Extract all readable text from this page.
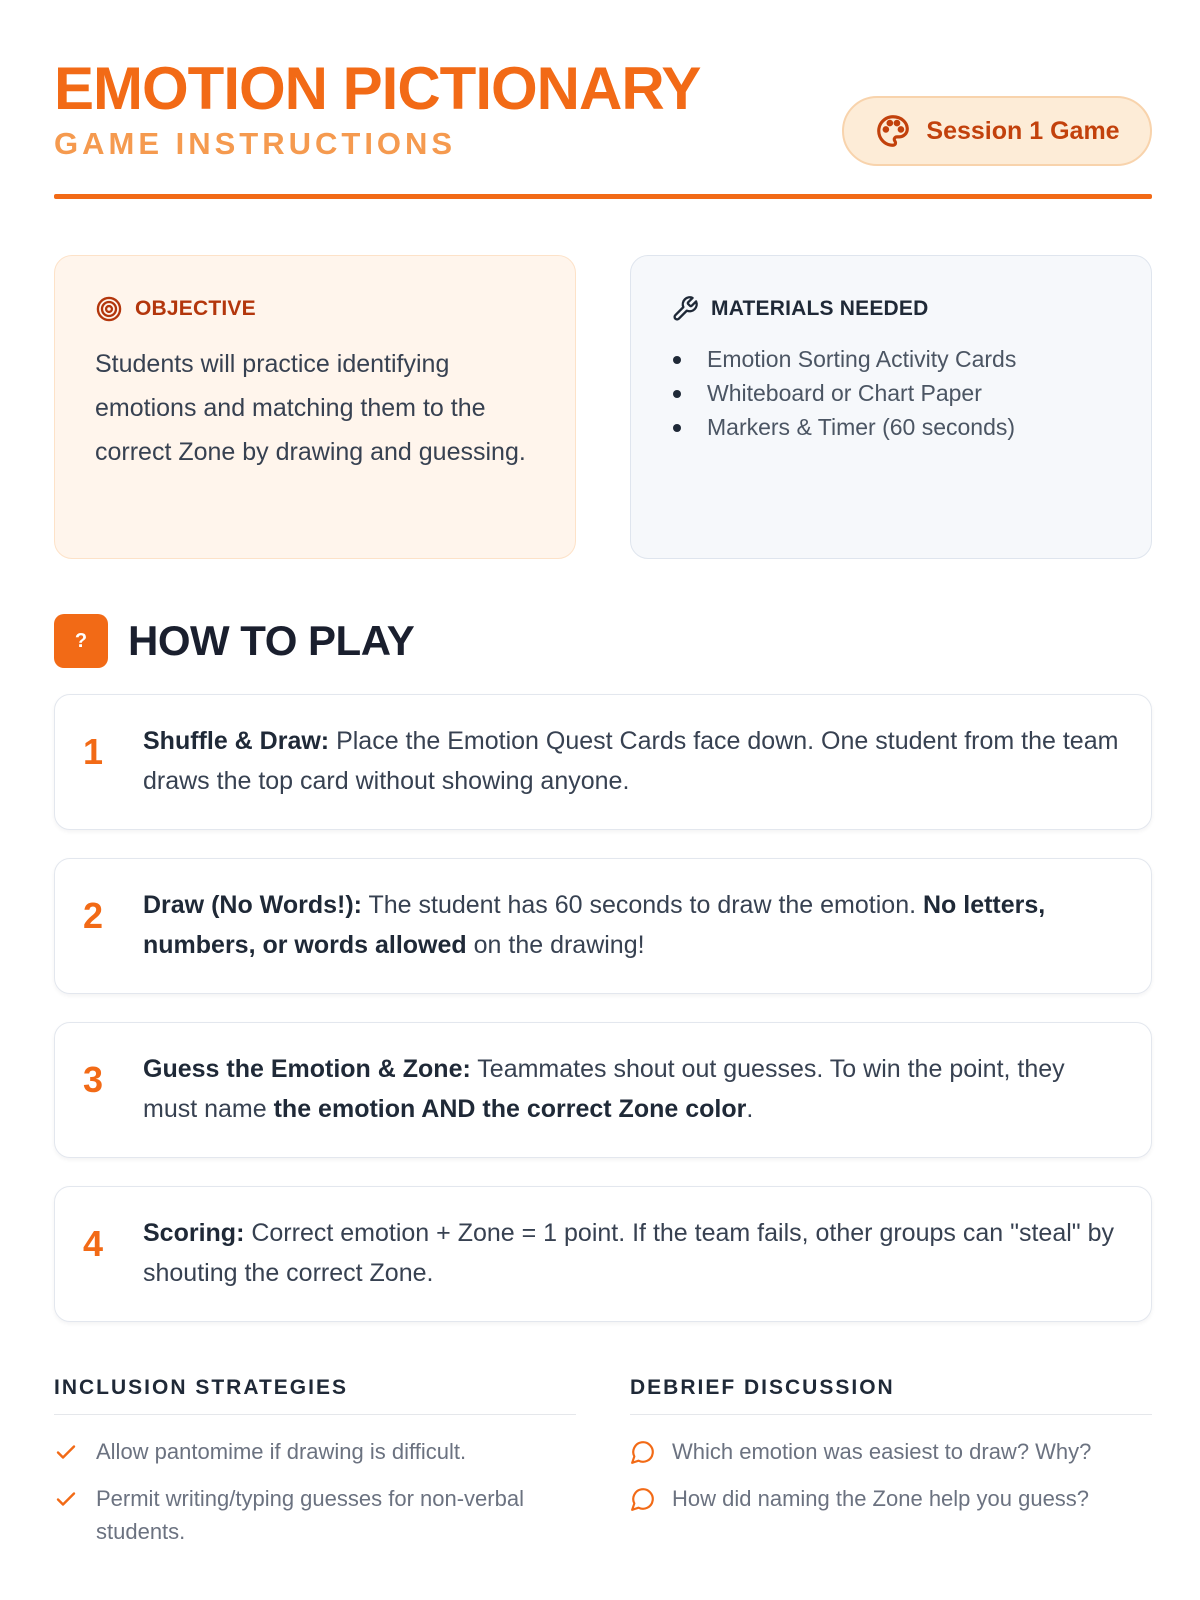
EMOTION PICTIONARY
GAME INSTRUCTIONS	Session 1 Game
OBJECTIVE

Students will practice identifying emotions and matching them to the correct Zone by drawing and guessing.

MATERIALS NEEDED
Emotion Sorting Activity Cards
Whiteboard or Chart Paper
Markers & Timer (60 seconds)
? HOW TO PLAY
1 Shuffle & Draw: Place the Emotion Quest Cards face down. One student from the team draws the top card without showing anyone.

2 Draw (No Words!): The student has 60 seconds to draw the emotion. No letters, numbers, or words allowed on the drawing!

3 Guess the Emotion & Zone: Teammates shout out guesses. To win the point, they must name the emotion AND the correct Zone color.

4 Scoring: Correct emotion + Zone = 1 point. If the team fails, other groups can "steal" by shouting the correct Zone.

INCLUSION STRATEGIES
Allow pantomime if drawing is difficult.
Permit writing/typing guesses for non-verbal students.
DEBRIEF DISCUSSION
Which emotion was easiest to draw? Why?
How did naming the Zone help you guess?
